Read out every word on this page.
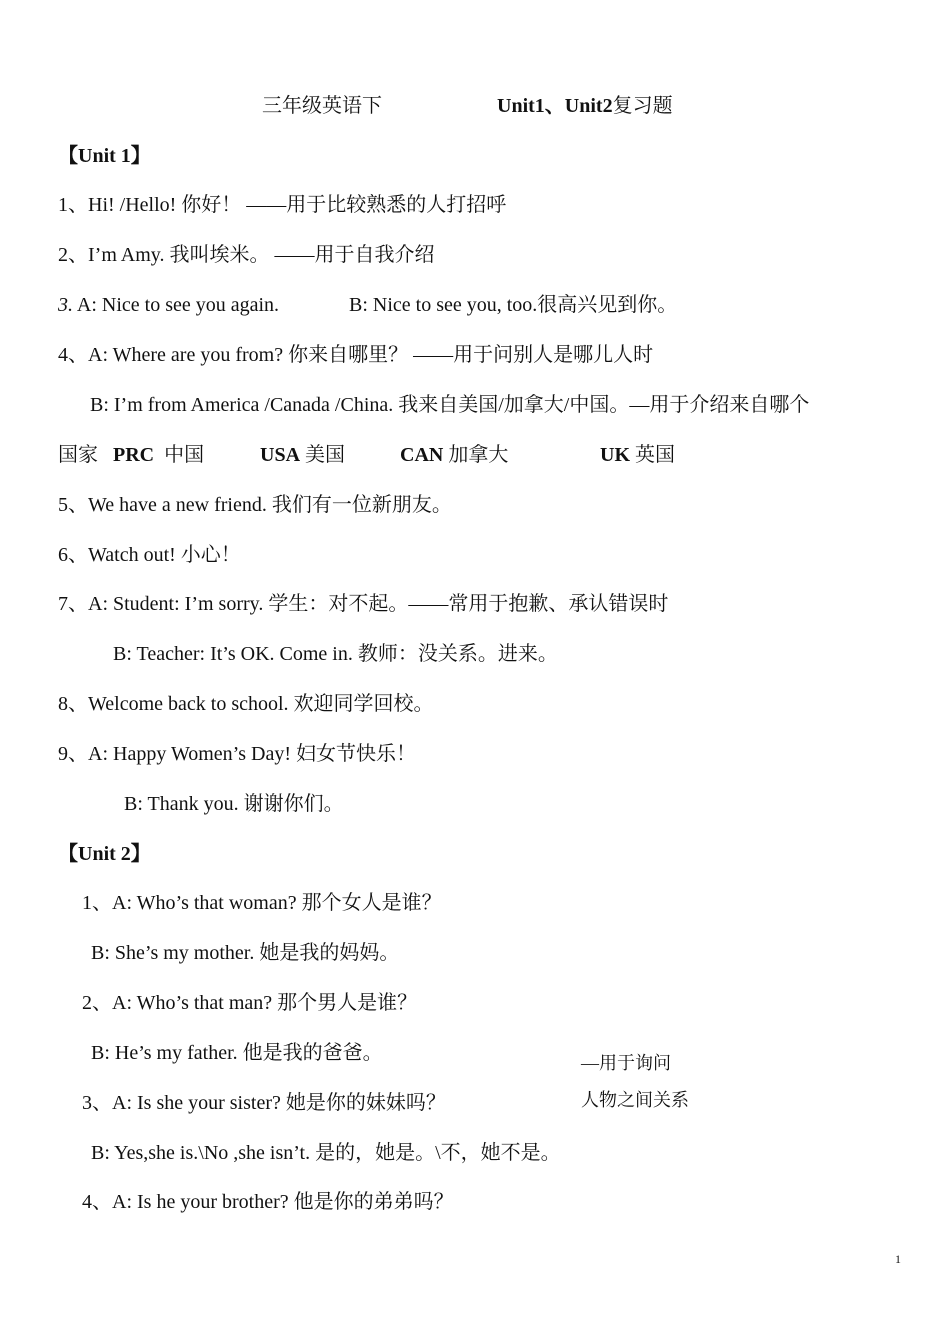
三年级英语下	Unit1、Unit2复习题
【Unit 1】
1、Hi! /Hello! 你好！ ——用于比较熟悉的人打招呼
2、I’m Amy. 我叫埃米。 ——用于自我介绍
3. A: Nice to see you again.	B: Nice to see you, too.很高兴见到你。
4、A: Where are you from? 你来自哪里？ ——用于问别人是哪儿人时
B: I’m from America /Canada /China. 我来自美国/加拿大/中国。—用于介绍来自哪个
国家 PRC 中国	USA 美国	CAN 加拿大	UK 英国
5、We have a new friend. 我们有一位新朋友。
6、Watch out! 小心！
7、A: Student: I’m sorry. 学生：对不起。——常用于抱歉、承认错误时
B: Teacher: It’s OK. Come in. 教师：没关系。进来。
8、Welcome back to school. 欢迎同学回校。
9、A: Happy Women’s Day! 妇女节快乐！
B: Thank you. 谢谢你们。
【Unit 2】
1、A: Who’s that woman? 那个女人是谁？
B: She’s my mother. 她是我的妈妈。
2、A: Who’s that man? 那个男人是谁？
B: He’s my father. 他是我的爸爸。
3、A: Is she your sister? 她是你的妹妹吗？
B: Yes,she is.\No ,she isn’t. 是的，她是。\不，她不是。
4、A: Is he your brother? 他是你的弟弟吗？
—用于询问
人物之间关系
1
